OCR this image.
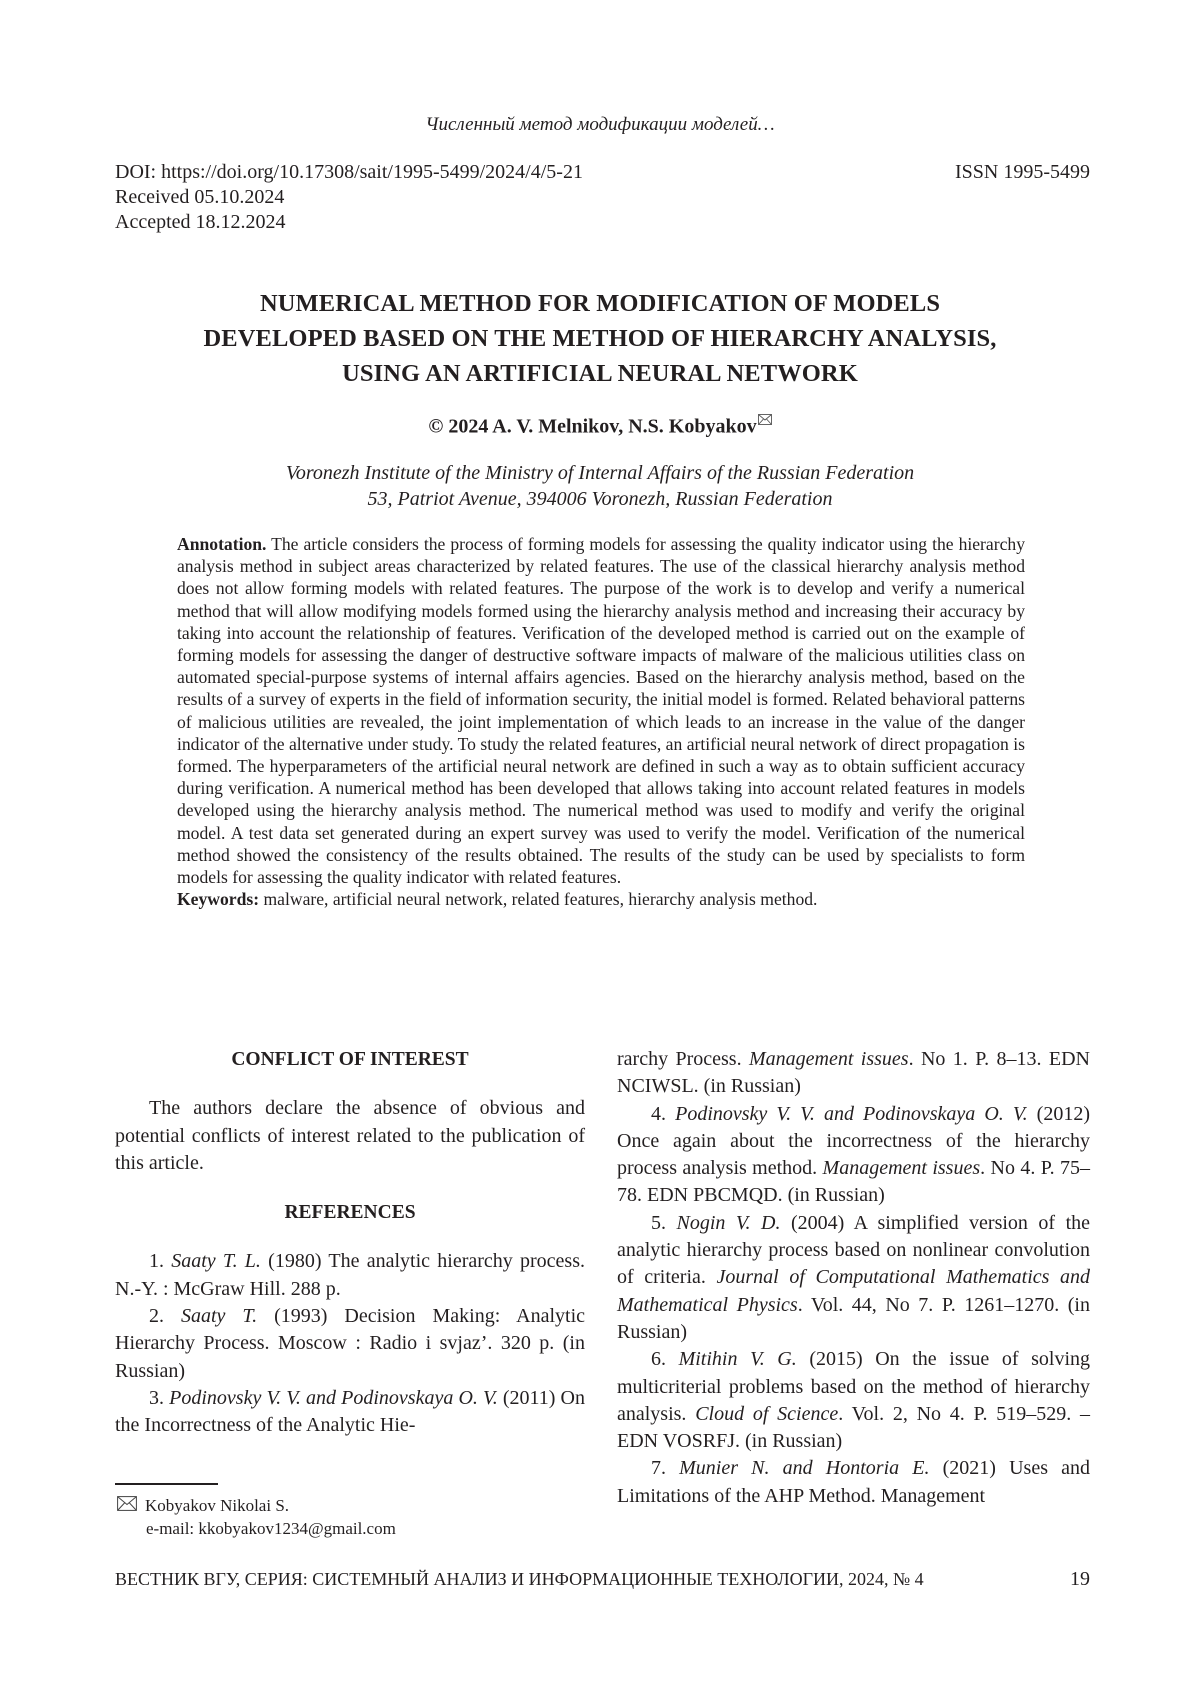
Численный метод модификации моделей…
DOI: https://doi.org/10.17308/sait/1995-5499/2024/4/5-21
Received 05.10.2024
Accepted 18.12.2024
ISSN 1995-5499
NUMERICAL METHOD FOR MODIFICATION OF MODELS
DEVELOPED BASED ON THE METHOD OF HIERARCHY ANALYSIS,
USING AN ARTIFICIAL NEURAL NETWORK
© 2024 A. V. Melnikov, N.S. Kobyakov
Voronezh Institute of the Ministry of Internal Affairs of the Russian Federation
53, Patriot Avenue, 394006 Voronezh, Russian Federation
Annotation. The article considers the process of forming models for assessing the quality indicator using the hierarchy analysis method in subject areas characterized by related features. The use of the classical hierarchy analysis method does not allow forming models with related features. The purpose of the work is to develop and verify a numerical method that will allow modifying models formed using the hierarchy analysis method and increasing their accuracy by taking into account the relationship of features. Verification of the developed method is carried out on the example of forming models for assessing the danger of destructive software impacts of malware of the malicious utilities class on automated special-purpose systems of internal affairs agencies. Based on the hierarchy analysis method, based on the results of a survey of experts in the field of information security, the initial model is formed. Related behavioral patterns of malicious utilities are revealed, the joint implementation of which leads to an increase in the value of the danger indicator of the alternative under study. To study the related features, an artificial neural network of direct propagation is formed. The hyperparameters of the artificial neural network are defined in such a way as to obtain sufficient accuracy during verification. A numerical method has been developed that allows taking into account related features in models developed using the hierarchy analysis method. The numerical method was used to modify and verify the original model. A test data set generated during an expert survey was used to verify the model. Verification of the numerical method showed the consistency of the results obtained. The results of the study can be used by specialists to form models for assessing the quality indicator with related features.
Keywords: malware, artificial neural network, related features, hierarchy analysis method.
CONFLICT OF INTEREST

The authors declare the absence of obvious and potential conflicts of interest related to the publication of this article.

REFERENCES

1. Saaty T. L. (1980) The analytic hierarchy process. N.-Y. : McGraw Hill. 288 p.

2. Saaty T. (1993) Decision Making: Analytic Hierarchy Process. Moscow : Radio i svjaz’. 320 p. (in Russian)

3. Podinovsky V. V. and Podinovskaya O. V. (2011) On the Incorrectness of the Analytic Hie-

rarchy Process. Management issues. No 1. P. 8–13. EDN NCIWSL. (in Russian)

4. Podinovsky V. V. and Podinovskaya O. V. (2012) Once again about the incorrectness of the hierarchy process analysis method. Management issues. No 4. P. 75–78. EDN PBCMQD. (in Russian)

5. Nogin V. D. (2004) A simplified version of the analytic hierarchy process based on nonlinear convolution of criteria. Journal of Computational Mathematics and Mathematical Physics. Vol. 44, No 7. P. 1261–1270. (in Russian)

6. Mitihin V. G. (2015) On the issue of solving multicriterial problems based on the method of hierarchy analysis. Cloud of Science. Vol. 2, No 4. P. 519–529. – EDN VOSRFJ. (in Russian)

7. Munier N. and Hontoria E. (2021) Uses and Limitations of the AHP Method. Management

Kobyakov Nikolai S.
e-mail: kkobyakov1234@gmail.com
ВЕСТНИК ВГУ, СЕРИЯ: СИСТЕМНЫЙ АНАЛИЗ И ИНФОРМАЦИОННЫЕ ТЕХНОЛОГИИ, 2024, № 4	19
